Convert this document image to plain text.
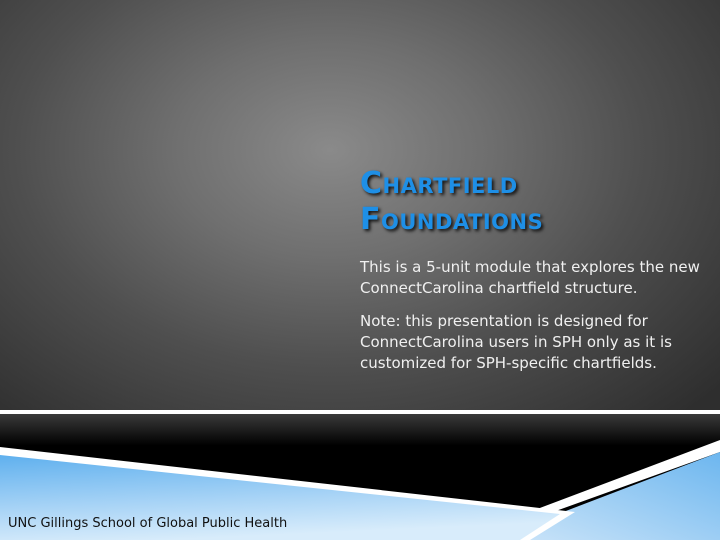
Chartfield
Foundations

This is a 5-unit module that explores the new ConnectCarolina chartfield structure.

Note: this presentation is designed for ConnectCarolina users in SPH only as it is customized for SPH-specific chartfields.

UNC Gillings School of Global Public Health
